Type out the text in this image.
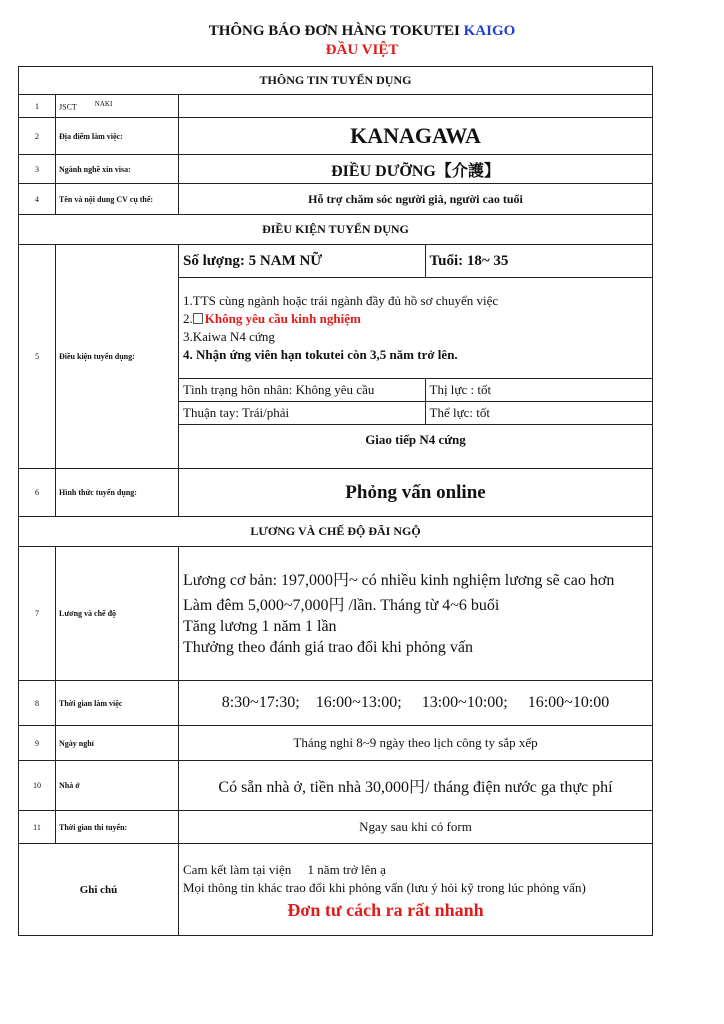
THÔNG BÁO ĐƠN HÀNG TOKUTEI KAIGO
ĐẦU VIỆT
THÔNG TIN TUYỂN DỤNG
1	JSCT	NAKI	
2	Địa điểm làm việc:	KANAGAWA
3	Ngành nghề xin visa:	ĐIỀU DƯỠNG【介護】
4	Tên và nội dung CV cụ thể:	Hỗ trợ chăm sóc người già, người cao tuổi
ĐIỀU KIỆN TUYỂN DỤNG
5	Điều kiện tuyển dụng:	
Số lượng: 5 NAM NỮ	Tuổi: 18~ 35

1.TTS cùng ngành hoặc trái ngành đầy đủ hồ sơ chuyển việc
2. Không yêu cầu kinh nghiệm
3.Kaiwa N4 cứng
4. Nhận ứng viên hạn tokutei còn 3,5 năm trở lên.

Tình trạng hôn nhân: Không yêu cầu	Thị lực : tốt
Thuận tay: Trái/phải	Thể lực: tốt
Giao tiếp N4 cứng

6	Hình thức tuyển dụng:	Phỏng vấn online
LƯƠNG VÀ CHẾ ĐỘ ĐÃI NGỘ
7	Lương và chế độ	
Lương cơ bản: 197,000円~ có nhiều kinh nghiệm lương sẽ cao hơn
Làm đêm 5,000~7,000円 /lần. Tháng từ 4~6 buổi
Tăng lương 1 năm 1 lần
Thưởng theo đánh giá trao đổi khi phỏng vấn

8	Thời gian làm việc	8:30~17:30;    16:00~13:00;     13:00~10:00;     16:00~10:00
9	Ngày nghỉ	Tháng nghỉ 8~9 ngày theo lịch công ty sắp xếp
10	Nhà ở	Có sẵn nhà ở, tiền nhà 30,000円/ tháng điện nước ga thực phí
11	Thời gian thi tuyển:	Ngay sau khi có form
Ghi chú	
Cam kết làm tại viện     1 năm trở lên ạ
Mọi thông tin khác trao đổi khi phỏng vấn (lưu ý hỏi kỹ trong lúc phỏng vấn)
Đơn tư cách ra rất nhanh
